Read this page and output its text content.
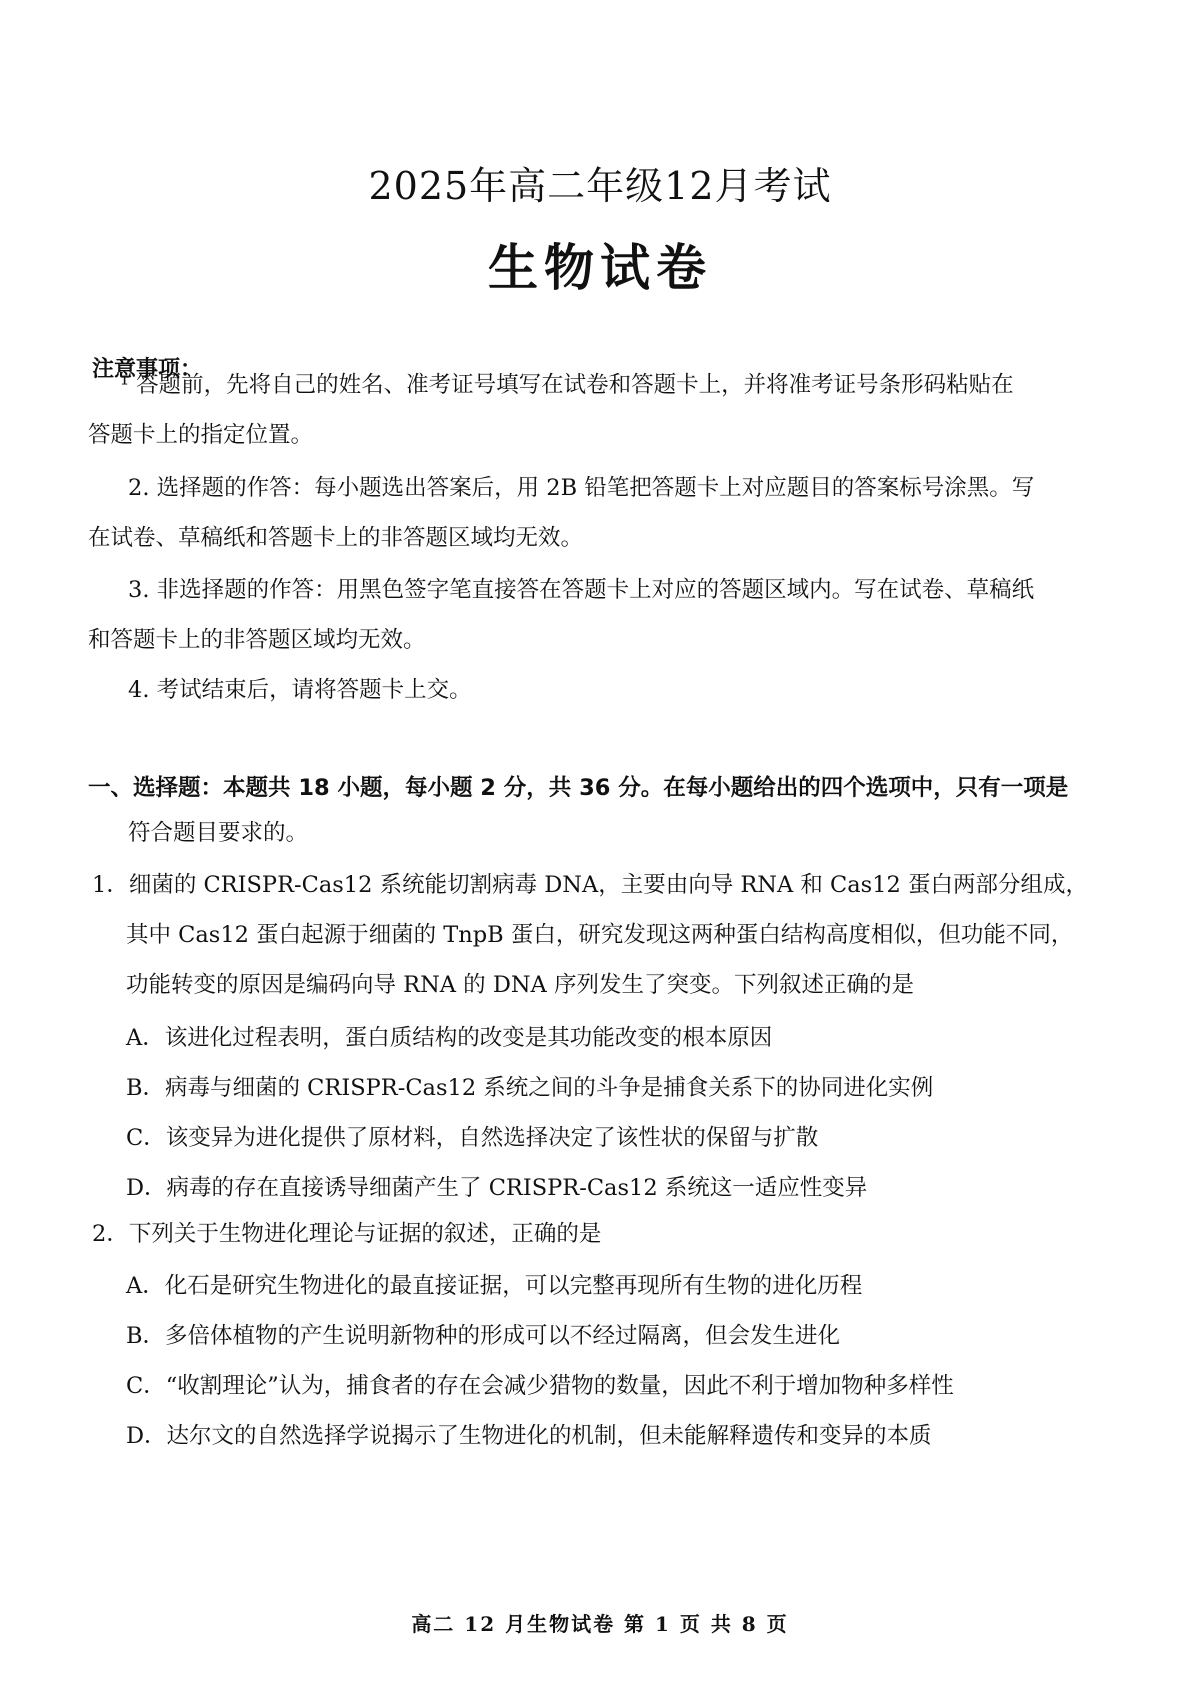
2025年高二年级12月考试
生物试卷
注意事项：
¹ 答题前，先将自己的姓名、准考证号填写在试卷和答题卡上，并将准考证号条形码粘贴在
答题卡上的指定位置。
2. 选择题的作答：每小题选出答案后，用 2B 铅笔把答题卡上对应题目的答案标号涂黑。写
在试卷、草稿纸和答题卡上的非答题区域均无效。
3. 非选择题的作答：用黑色签字笔直接答在答题卡上对应的答题区域内。写在试卷、草稿纸
和答题卡上的非答题区域均无效。
4. 考试结束后，请将答题卡上交。
一、选择题：本题共 18 小题，每小题 2 分，共 36 分。在每小题给出的四个选项中，只有一项是
符合题目要求的。
1．细菌的 CRISPR-Cas12 系统能切割病毒 DNA，主要由向导 RNA 和 Cas12 蛋白两部分组成，
其中 Cas12 蛋白起源于细菌的 TnpB 蛋白，研究发现这两种蛋白结构高度相似，但功能不同，
功能转变的原因是编码向导 RNA 的 DNA 序列发生了突变。下列叙述正确的是
A．该进化过程表明，蛋白质结构的改变是其功能改变的根本原因
B．病毒与细菌的 CRISPR-Cas12 系统之间的斗争是捕食关系下的协同进化实例
C．该变异为进化提供了原材料，自然选择决定了该性状的保留与扩散
D．病毒的存在直接诱导细菌产生了 CRISPR-Cas12 系统这一适应性变异
2．下列关于生物进化理论与证据的叙述，正确的是
A．化石是研究生物进化的最直接证据，可以完整再现所有生物的进化历程
B．多倍体植物的产生说明新物种的形成可以不经过隔离，但会发生进化
C．“收割理论”认为，捕食者的存在会减少猎物的数量，因此不利于增加物种多样性
D．达尔文的自然选择学说揭示了生物进化的机制，但未能解释遗传和变异的本质
高二 12 月生物试卷 第 1 页 共 8 页
